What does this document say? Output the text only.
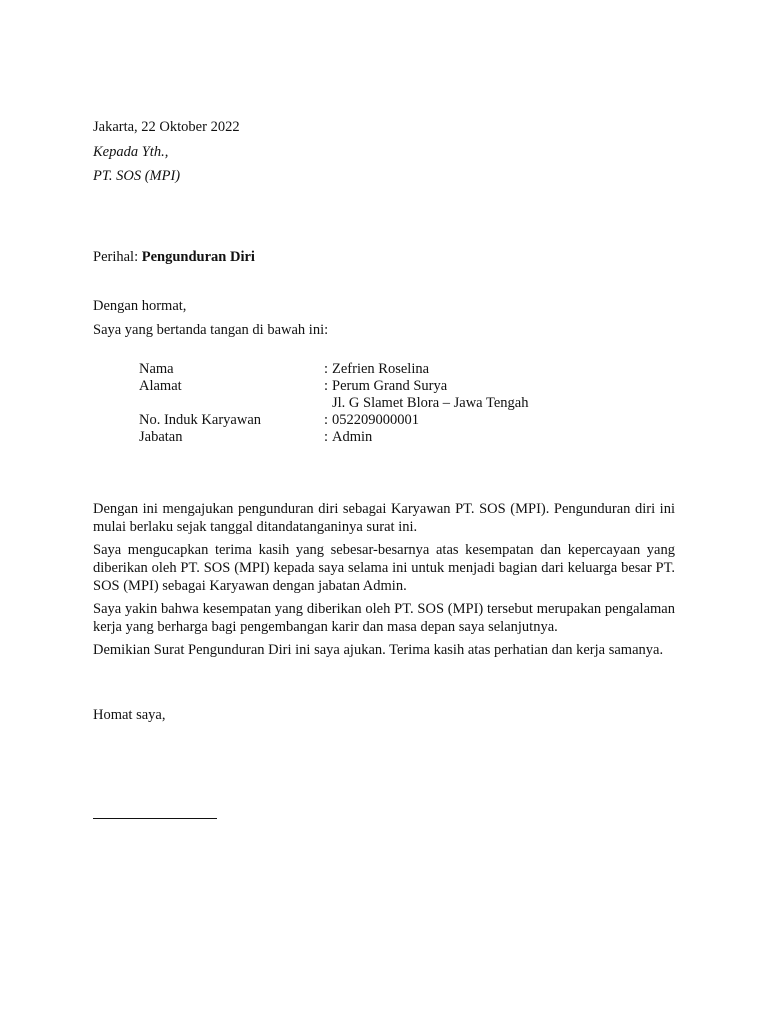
Jakarta, 22 Oktober 2022
Kepada Yth.,
PT. SOS (MPI)
Perihal: Pengunduran Diri
Dengan hormat,
Saya yang bertanda tangan di bawah ini:
Nama	: Zefrien Roselina
Alamat	: Perum Grand Surya
Jl. G Slamet Blora – Jawa Tengah
No. Induk Karyawan	: 052209000001
Jabatan	: Admin

Dengan ini mengajukan pengunduran diri sebagai Karyawan PT. SOS (MPI). Pengunduran diri ini mulai berlaku sejak tanggal ditandatanganinya surat ini.

Saya mengucapkan terima kasih yang sebesar-besarnya atas kesempatan dan kepercayaan yang diberikan oleh PT. SOS (MPI) kepada saya selama ini untuk menjadi bagian dari keluarga besar PT. SOS (MPI) sebagai Karyawan dengan jabatan Admin.

Saya yakin bahwa kesempatan yang diberikan oleh PT. SOS (MPI) tersebut merupakan pengalaman kerja yang berharga bagi pengembangan karir dan masa depan saya selanjutnya.

Demikian Surat Pengunduran Diri ini saya ajukan. Terima kasih atas perhatian dan kerja samanya.

Homat saya,
